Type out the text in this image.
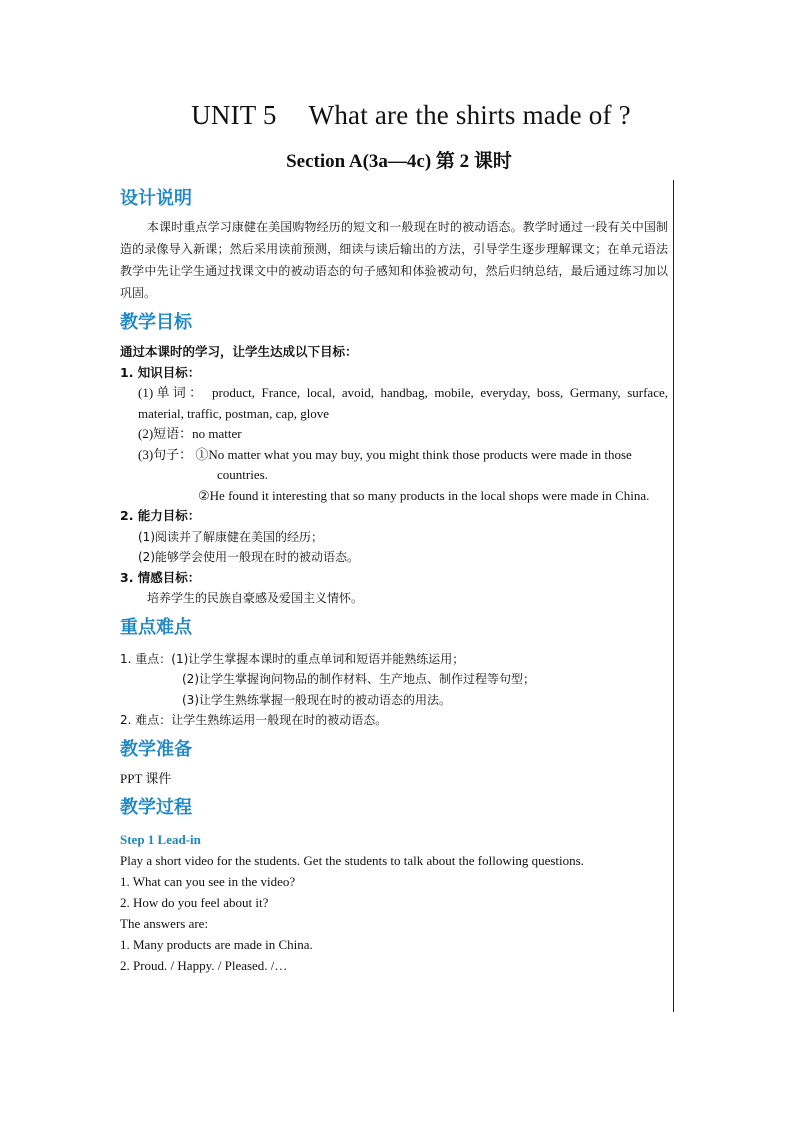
UNIT 5 What are the shirts made of ?
Section A(3a—4c) 第 2 课时

设计说明

本课时重点学习康健在美国购物经历的短文和一般现在时的被动语态。教学时通过一段有关中国制造的录像导入新课；然后采用读前预测，细读与读后输出的方法，引导学生逐步理解课文；在单元语法教学中先让学生通过找课文中的被动语态的句子感知和体验被动句，然后归纳总结，最后通过练习加以巩固。

教学目标

通过本课时的学习，让学生达成以下目标：

1. 知识目标：

(1)单词： product, France, local, avoid, handbag, mobile, everyday, boss, Germany, surface, material, traffic, postman, cap, glove

(2)短语：no matter

(3)句子： ①No matter what you may buy, you might think those products were made in those countries.

②He found it interesting that so many products in the local shops were made in China.

2. 能力目标：

(1)阅读并了解康健在美国的经历；

(2)能够学会使用一般现在时的被动语态。

3. 情感目标：

培养学生的民族自豪感及爱国主义情怀。

重点难点

1. 重点：(1)让学生掌握本课时的重点单词和短语并能熟练运用；

(2)让学生掌握询问物品的制作材料、生产地点、制作过程等句型；

(3)让学生熟练掌握一般现在时的被动语态的用法。

2. 难点：让学生熟练运用一般现在时的被动语态。

教学准备

PPT 课件

教学过程

Step 1 Lead-in

Play a short video for the students. Get the students to talk about the following questions.

1. What can you see in the video?

2. How do you feel about it?

The answers are:

1. Many products are made in China.

2. Proud. / Happy. / Pleased. /…
